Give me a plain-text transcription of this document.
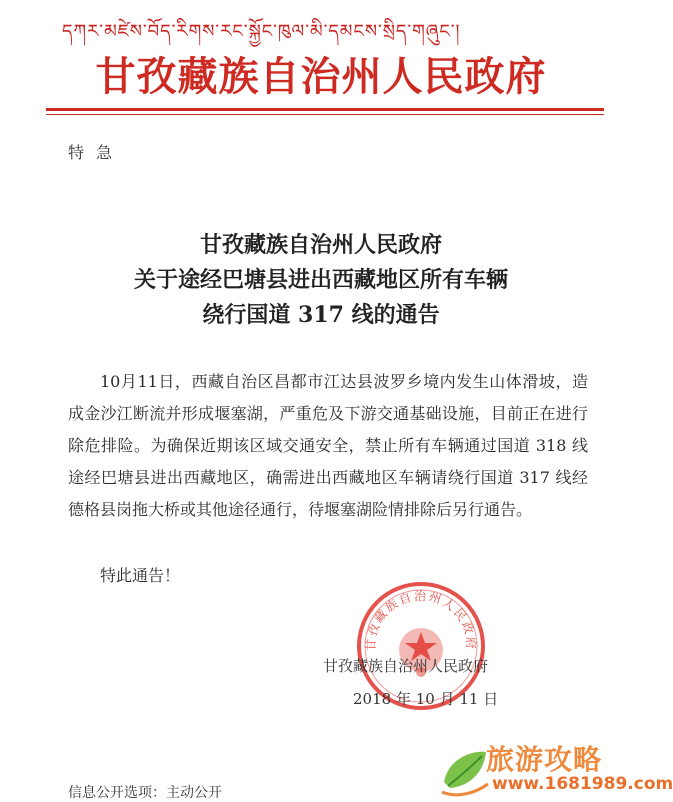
དཀར་མཛེས་བོད་རིགས་རང་སྐྱོང་ཁུལ་མི་དམངས་སྲིད་གཞུང་།
甘孜藏族自治州人民政府
特急
甘孜藏族自治州人民政府
关于途经巴塘县进出西藏地区所有车辆
绕行国道 317 线的通告

10月11日，西藏自治区昌都市江达县波罗乡境内发生山体滑坡，造成金沙江断流并形成堰塞湖，严重危及下游交通基础设施，目前正在进行除危排险。为确保近期该区域交通安全，禁止所有车辆通过国道 318 线途经巴塘县进出西藏地区，确需进出西藏地区车辆请绕行国道 317 线经德格县岗拖大桥或其他途径通行，待堰塞湖险情排除后另行通告。

特此通告！
甘孜藏族自治州人民政府
甘孜藏族自治州人民政府
2018 年 10 月 11 日
信息公开选项：主动公开
旅游攻略
www.1681989.com
